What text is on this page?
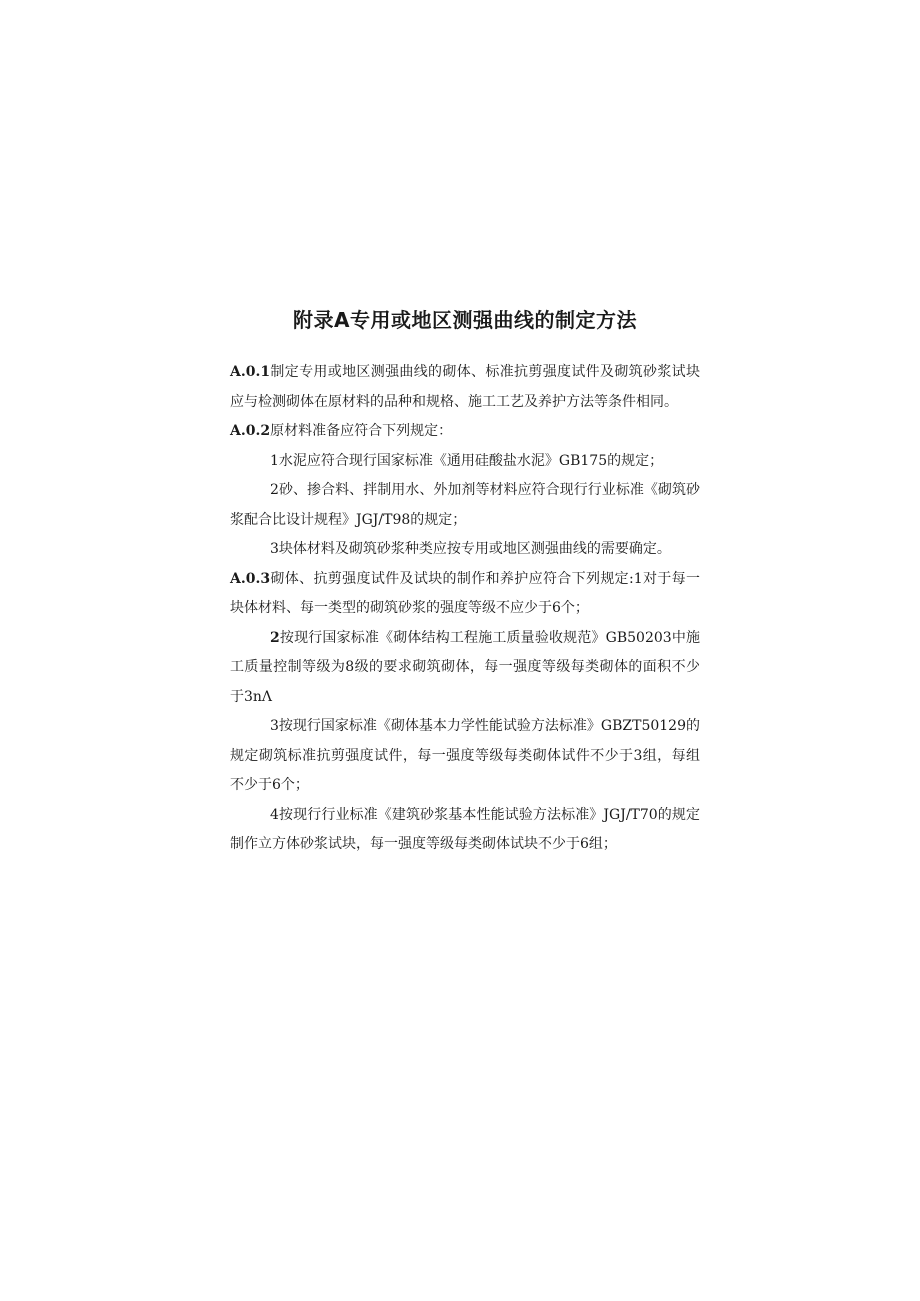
附录A专用或地区测强曲线的制定方法

A.0.1制定专用或地区测强曲线的砌体、标准抗剪强度试件及砌筑砂浆试块应与检测砌体在原材料的品种和规格、施工工艺及养护方法等条件相同。

A.0.2原材料准备应符合下列规定：

1水泥应符合现行国家标准《通用硅酸盐水泥》GB175的规定；

2砂、掺合料、拌制用水、外加剂等材料应符合现行行业标准《砌筑砂浆配合比设计规程》JGJ/T98的规定；

3块体材料及砌筑砂浆种类应按专用或地区测强曲线的需要确定。

A.0.3砌体、抗剪强度试件及试块的制作和养护应符合下列规定:1对于每一块体材料、每一类型的砌筑砂浆的强度等级不应少于6个；

2按现行国家标准《砌体结构工程施工质量验收规范》GB50203中施工质量控制等级为8级的要求砌筑砌体，每一强度等级每类砌体的面积不少于3nΛ

3按现行国家标准《砌体基本力学性能试验方法标准》GBZT50129的规定砌筑标准抗剪强度试件，每一强度等级每类砌体试件不少于3组，每组不少于6个；

4按现行行业标准《建筑砂浆基本性能试验方法标准》JGJ/T70的规定制作立方体砂浆试块，每一强度等级每类砌体试块不少于6组；
